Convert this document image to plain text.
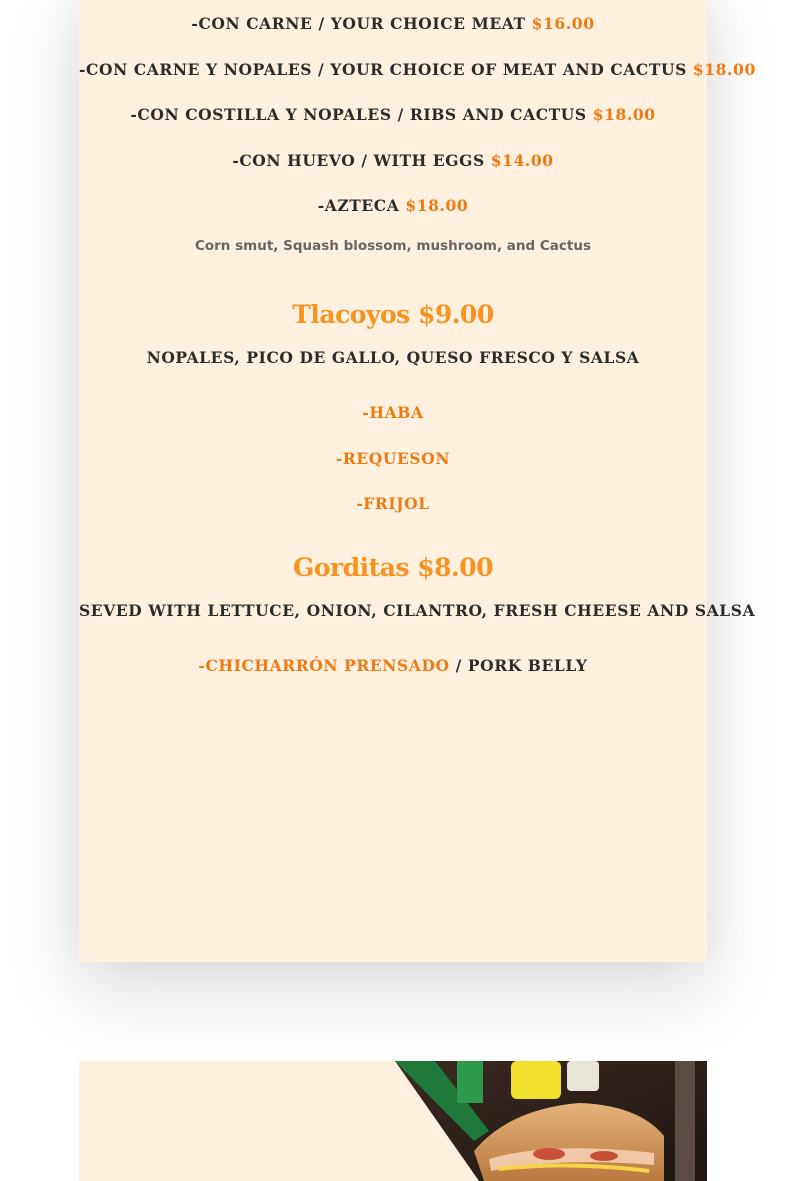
-CON CARNE / YOUR CHOICE MEAT $16.00
-CON CARNE Y NOPALES / YOUR CHOICE OF MEAT AND CACTUS $18.00
-CON COSTILLA Y NOPALES / RIBS AND CACTUS $18.00
-CON HUEVO / WITH EGGS $14.00
-AZTECA $18.00
Corn smut, Squash blossom, mushroom, and Cactus
Tlacoyos $9.00
NOPALES, PICO DE GALLO, QUESO FRESCO Y SALSA
-HABA
-REQUESON
-FRIJOL
Gorditas $8.00
SEVED WITH LETTUCE, ONION, CILANTRO, FRESH CHEESE AND SALSA
-CHICHARRÓN PRENSADO / PORK BELLY
